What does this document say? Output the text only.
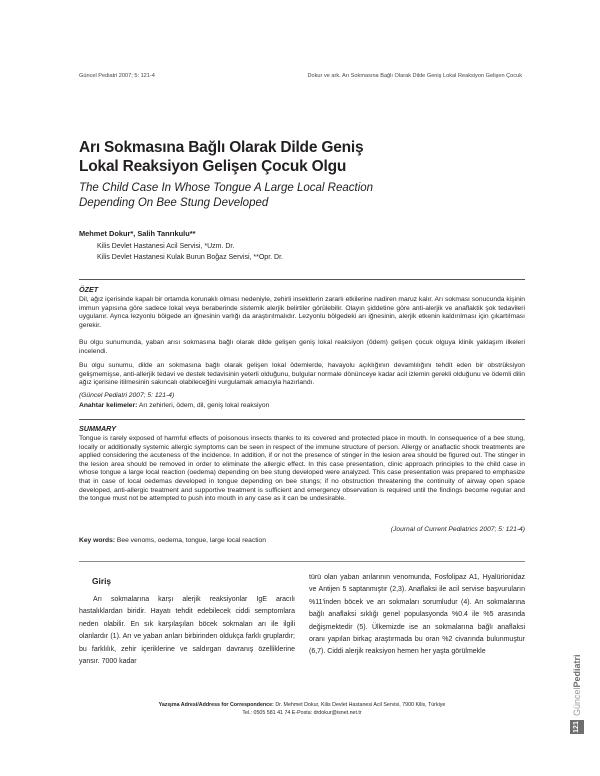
Güncel Pediatri 2007; 5: 121-4	Dokur ve ark. Arı Sokmasına Bağlı Olarak Dilde Geniş Lokal Reaksiyon Gelişen Çocuk
Arı Sokmasına Bağlı Olarak Dilde Geniş
Lokal Reaksiyon Gelişen Çocuk Olgu
The Child Case In Whose Tongue A Large Local Reaction
Depending On Bee Stung Developed
Mehmet Dokur*, Salih Tanrıkulu**
Kilis Devlet Hastanesi Acil Servisi, *Uzm. Dr.
Kilis Devlet Hastanesi Kulak Burun Boğaz Servisi, **Opr. Dr.
ÖZET
Dil, ağız içerisinde kapalı bir ortamda korunaklı olması nedeniyle, zehirli insektlerin zararlı etkilerine nadiren maruz kalır. Arı sokması sonucunda kişinin immun yapısına göre sadece lokal veya beraberinde sistemik alerjik belirtiler görülebilir. Olayın şiddetine göre anti-alerjik ve anaflaktik şok tedavileri uygulanır. Ayrıca lezyonlu bölgede arı iğnesinin varlığı da araştırılmalıdır. Lezyonlu bölgedeki arı iğnesinin, alerjik etkenin kaldırılması için çıkartılması gerekir.
Bu olgu sunumunda, yaban arısı sokmasına bağlı olarak dilde gelişen geniş lokal reaksiyon (ödem) gelişen çocuk olguya klinik yaklaşım ilkeleri incelendi.
Bu olgu sunumu, dilde arı sokmasına bağlı olarak gelişen lokal ödemlerde, havayolu açıklığının devamlılığını tehdit eden bir obstrüksiyon gelişmemişse, anti-allerjik tedavi ve destek tedavisinin yeterli olduğunu, bulgular normale dönünceye kadar acil izlemin gerekli olduğunu ve ödemli dilin ağız içerisine itilmesinin sakıncalı olabileceğini vurgulamak amacıyla hazırlandı.
(Güncel Pediatri 2007; 5: 121-4)
Anahtar kelimeler: Arı zehirleri, ödem, dil, geniş lokal reaksiyon
SUMMARY
Tongue is rarely exposed of harmful effects of poisonous insects thanks to its covered and protected place in mouth. In consequence of a bee stung, locally or additionally systemic allergic symptoms can be seen in respect of the immune structure of person. Allergy or anaflactic shock treatments are applied considering the acuteness of the incidence. In addition, if or not the presence of stinger in the lesion area should be figured out. The stinger in the lesion area should be removed in order to eliminate the allergic effect. In this case presentation, clinic approach principles to the child case in whose tongue a large local reaction (oedema) depending on bee stung developed were analyzed. This case presentation was prepared to emphasize that in case of local oedemas developed in tongue depending on bee stungs; if no obstruction threatening the continuity of airway open space developed, anti-allergic treatment and supportive treatment is sufficient and emergency observation is required until the findings become regular and the tongue must not be attempted to push into mouth in any case as it can be undesirable.
(Journal of Current Pediatrics 2007; 5: 121-4)
Key words: Bee venoms, oedema, tongue, large local reaction
Giriş
Arı sokmalarına karşı alerjik reaksiyonlar IgE aracılı hastalıklardan biridir. Hayatı tehdit edebilecek ciddi semptomlara neden olabilir. En sık karşılaşılan böcek sokmaları arı ile ilgili olanlardır (1). Arı ve yaban arıları birbirinden oldukça farklı gruplardır; bu farklılık, zehir içeriklerine ve saldırgan davranış özelliklerine yansır. 7000 kadar
türü olan yaban arılarının venomunda, Fosfolipaz A1, Hyalürionidaz ve Antijen 5 saptanmıştır (2,3). Anaflaksi ile acil servise başvuruların %11'inden böcek ve arı sokmaları sorumludur (4). Arı sokmalarına bağlı anaflaksi sıklığı genel populasyonda %0.4 ile %5 arasında değişmektedir (5). Ülkemizde ise arı sokmalarına bağlı anaflaksi oranı yapılan birkaç araştırmada bu oran %2 civarında bulunmuştur (6,7). Ciddi alerjik reaksiyon hemen her yaşta görülmekle
Yazışma Adresi/Address for Correspondence: Dr. Mehmet Dokur, Kilis Devlet Hastanesi Acil Servisi, 7900 Kilis, Türkiye
Tel.: 0505 581 41 74 E-Posta: drdokur@isnet.net.tr	GüncelPediatri
121
